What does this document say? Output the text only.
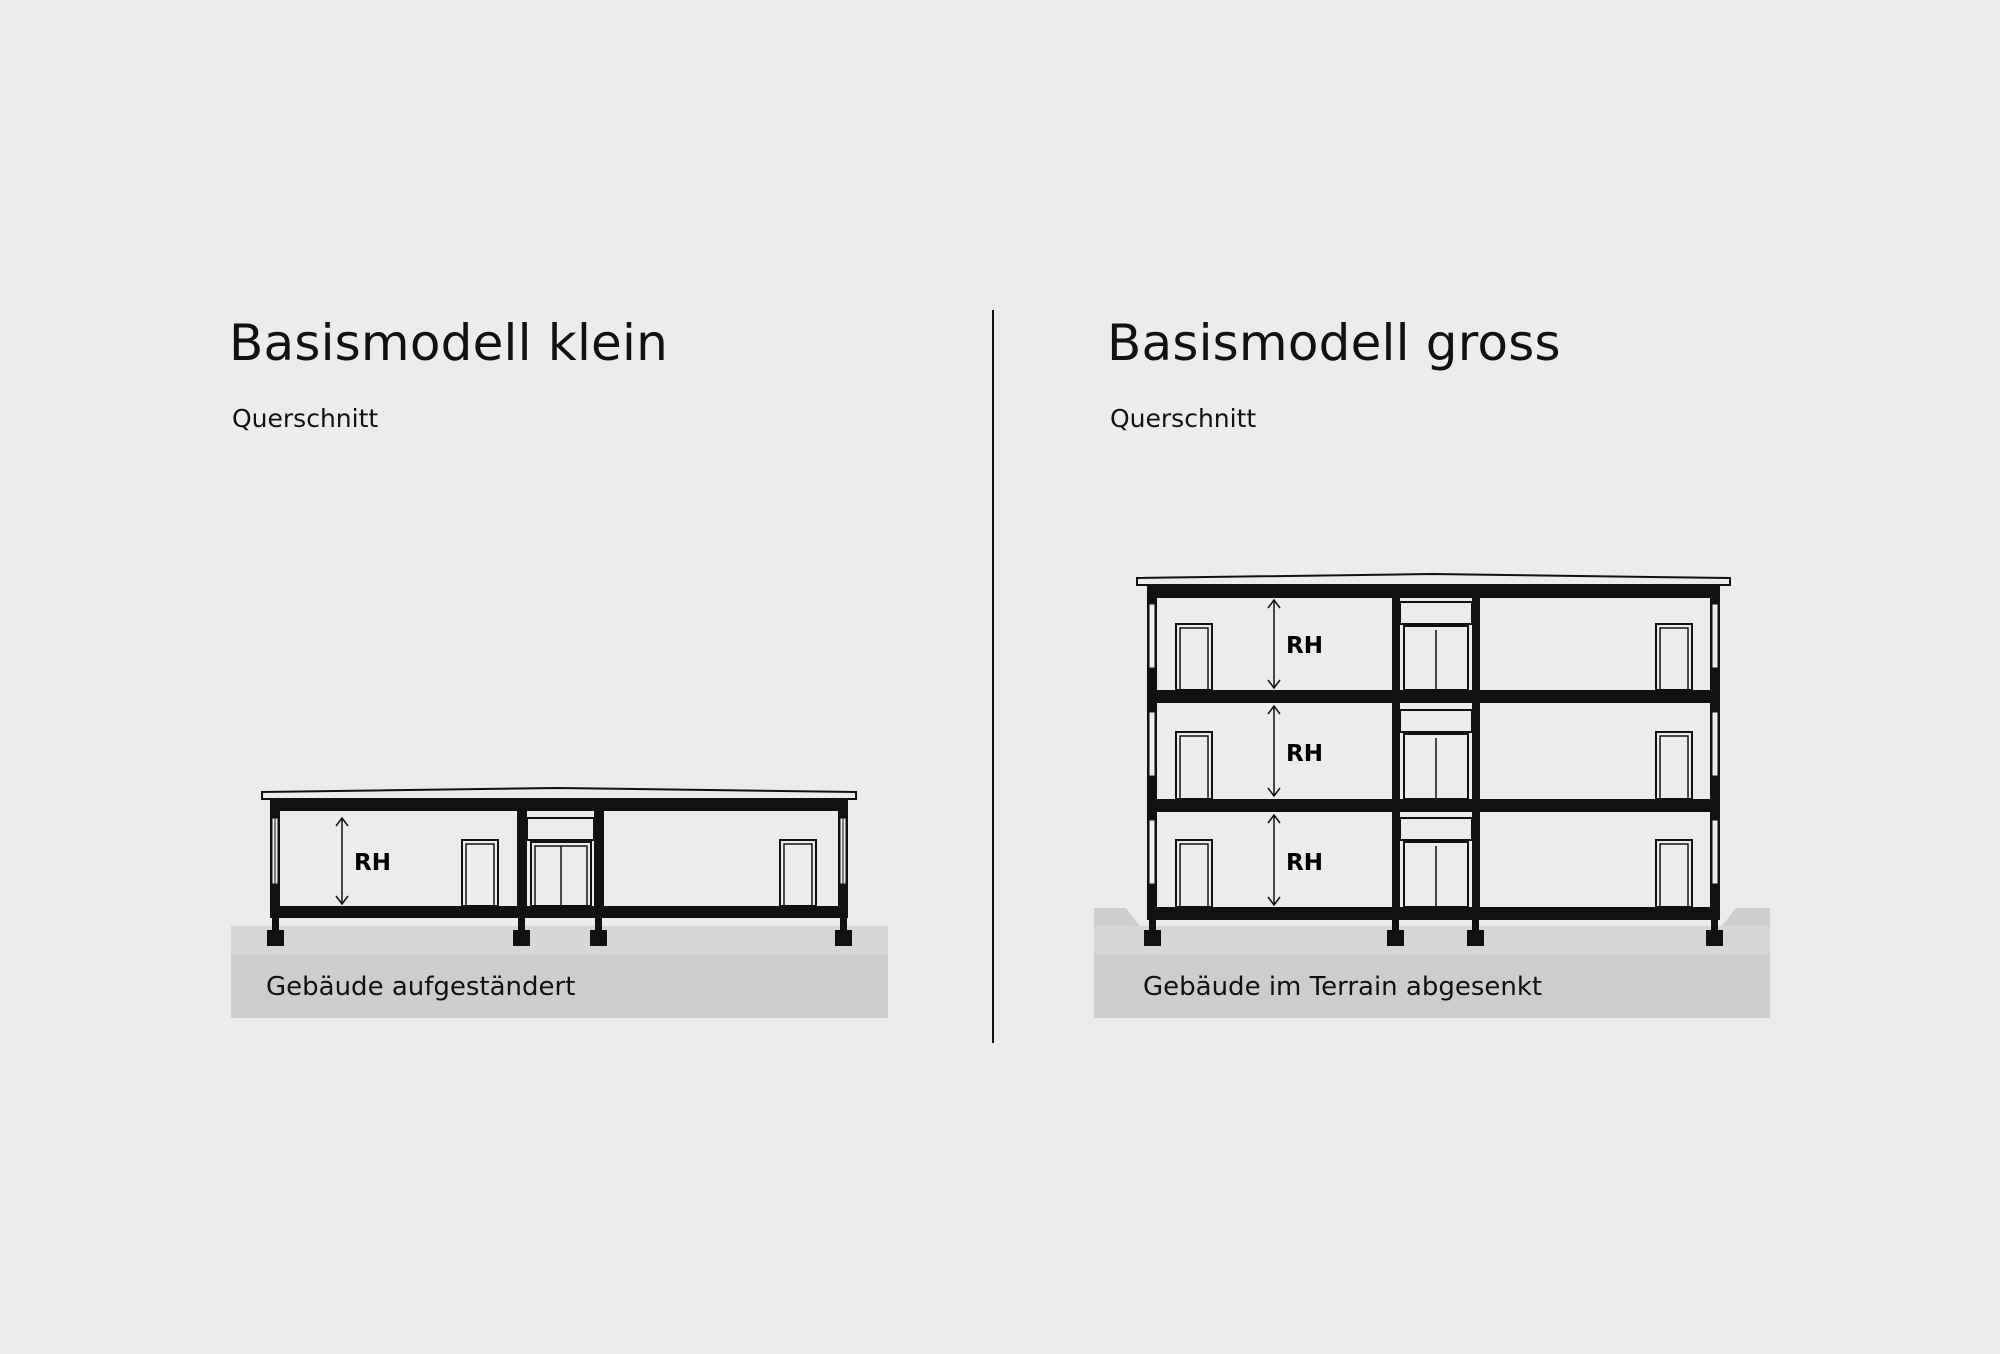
Basismodell klein
Querschnitt
RH
Gebäude aufgeständert
Basismodell gross
Querschnitt
RH
RH
RH
Gebäude im Terrain abgesenkt
